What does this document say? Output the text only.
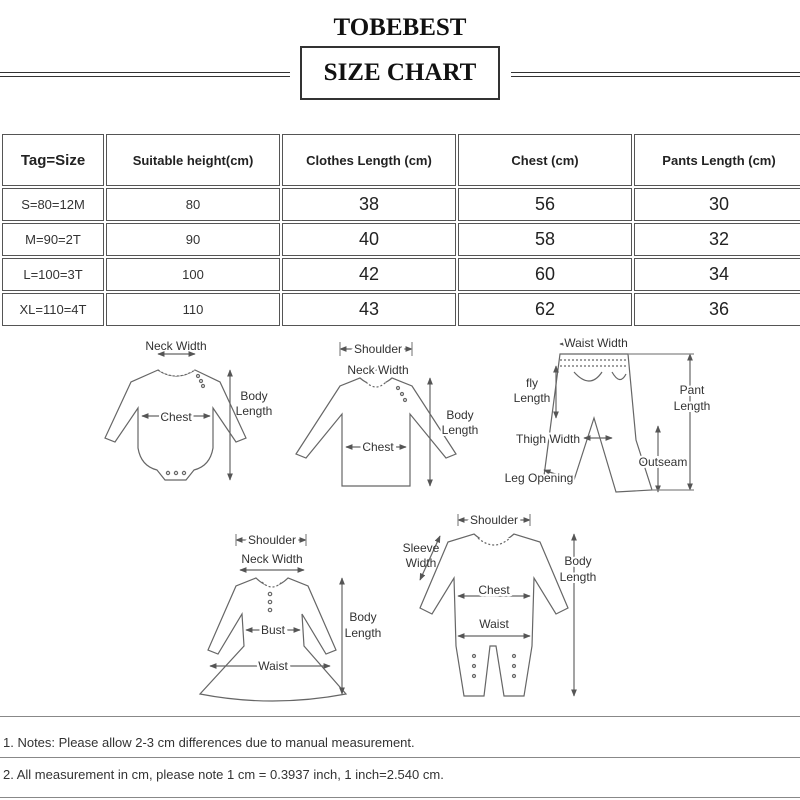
TOBEBEST
SIZE CHART
Tag=Size	Suitable height(cm)	Clothes Length (cm)	Chest (cm)	Pants Length (cm)
S=80=12M	80	38	56	30
M=90=2T	90	40	58	32
L=100=3T	100	42	60	34
XL=110=4T	110	43	62	36
Neck Width
Chest
Body
Length
Shoulder
Neck Width
Chest
Body
Length
Waist Width
fly
Length
Pant
Length
Thigh Width
Outseam
Leg Opening
Shoulder
Neck Width
Bust
Waist
Body
Length
Shoulder
Sleeve
Width
Chest
Waist
Body
Length
1. Notes: Please allow 2-3 cm differences due to manual measurement.
2. All measurement in cm, please note 1 cm = 0.3937 inch, 1 inch=2.540 cm.
